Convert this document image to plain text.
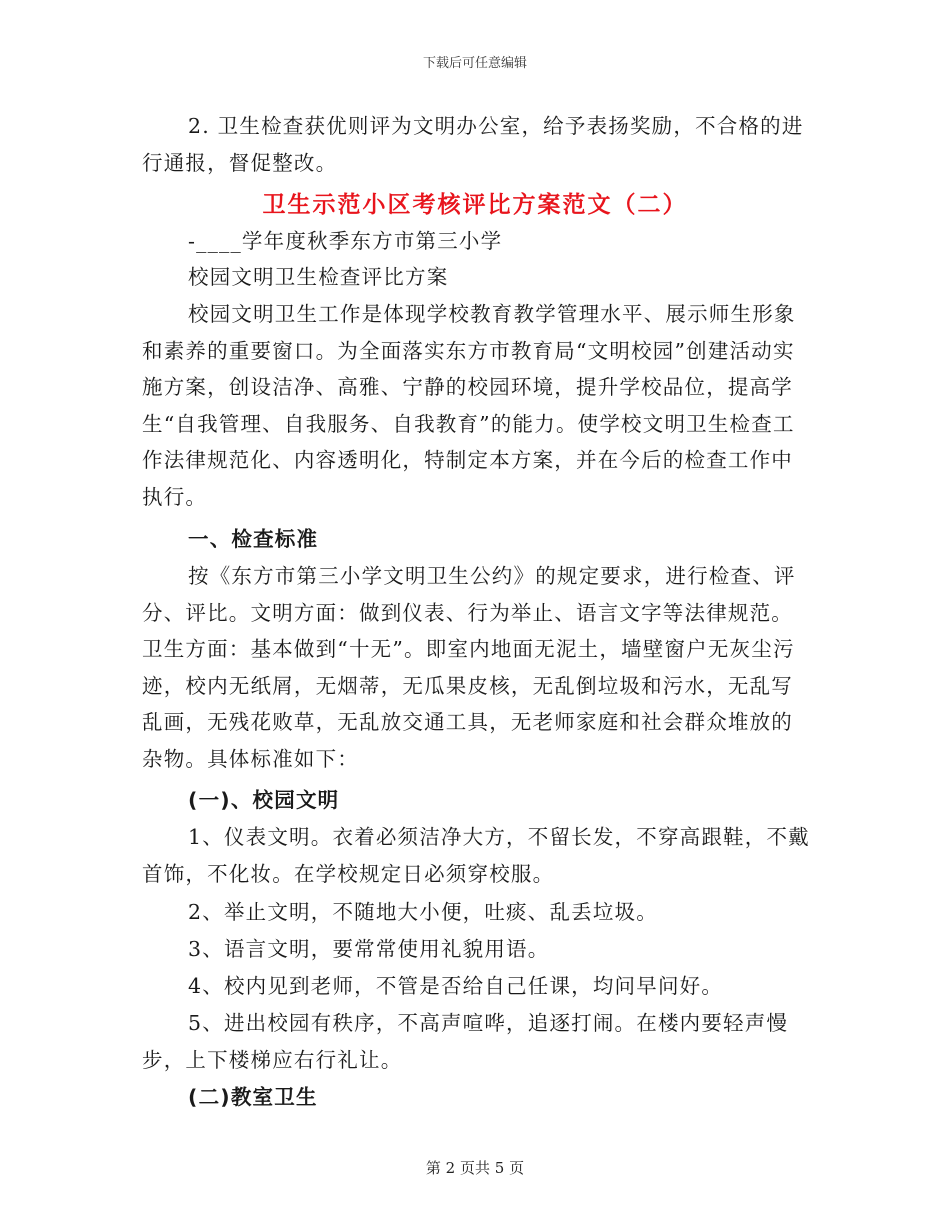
下载后可任意编辑

2. 卫生检查获优则评为文明办公室，给予表扬奖励，不合格的进行通报，督促整改。

卫生示范小区考核评比方案范文（二）

-____学年度秋季东方市第三小学

校园文明卫生检查评比方案

校园文明卫生工作是体现学校教育教学管理水平、展示师生形象和素养的重要窗口。为全面落实东方市教育局“文明校园”创建活动实施方案，创设洁净、高雅、宁静的校园环境，提升学校品位，提高学生“自我管理、自我服务、自我教育”的能力。使学校文明卫生检查工作法律规范化、内容透明化，特制定本方案，并在今后的检查工作中执行。

一、检查标准

按《东方市第三小学文明卫生公约》的规定要求，进行检查、评分、评比。文明方面：做到仪表、行为举止、语言文字等法律规范。卫生方面：基本做到“十无”。即室内地面无泥土，墙壁窗户无灰尘污迹，校内无纸屑，无烟蒂，无瓜果皮核，无乱倒垃圾和污水，无乱写乱画，无残花败草，无乱放交通工具，无老师家庭和社会群众堆放的杂物。具体标准如下：

(一)、校园文明

1、仪表文明。衣着必须洁净大方，不留长发，不穿高跟鞋，不戴首饰，不化妆。在学校规定日必须穿校服。

2、举止文明，不随地大小便，吐痰、乱丢垃圾。

3、语言文明，要常常使用礼貌用语。

4、校内见到老师，不管是否给自己任课，均问早问好。

5、进出校园有秩序，不高声喧哗，追逐打闹。在楼内要轻声慢步，上下楼梯应右行礼让。

(二)教室卫生

第 2 页共 5 页
